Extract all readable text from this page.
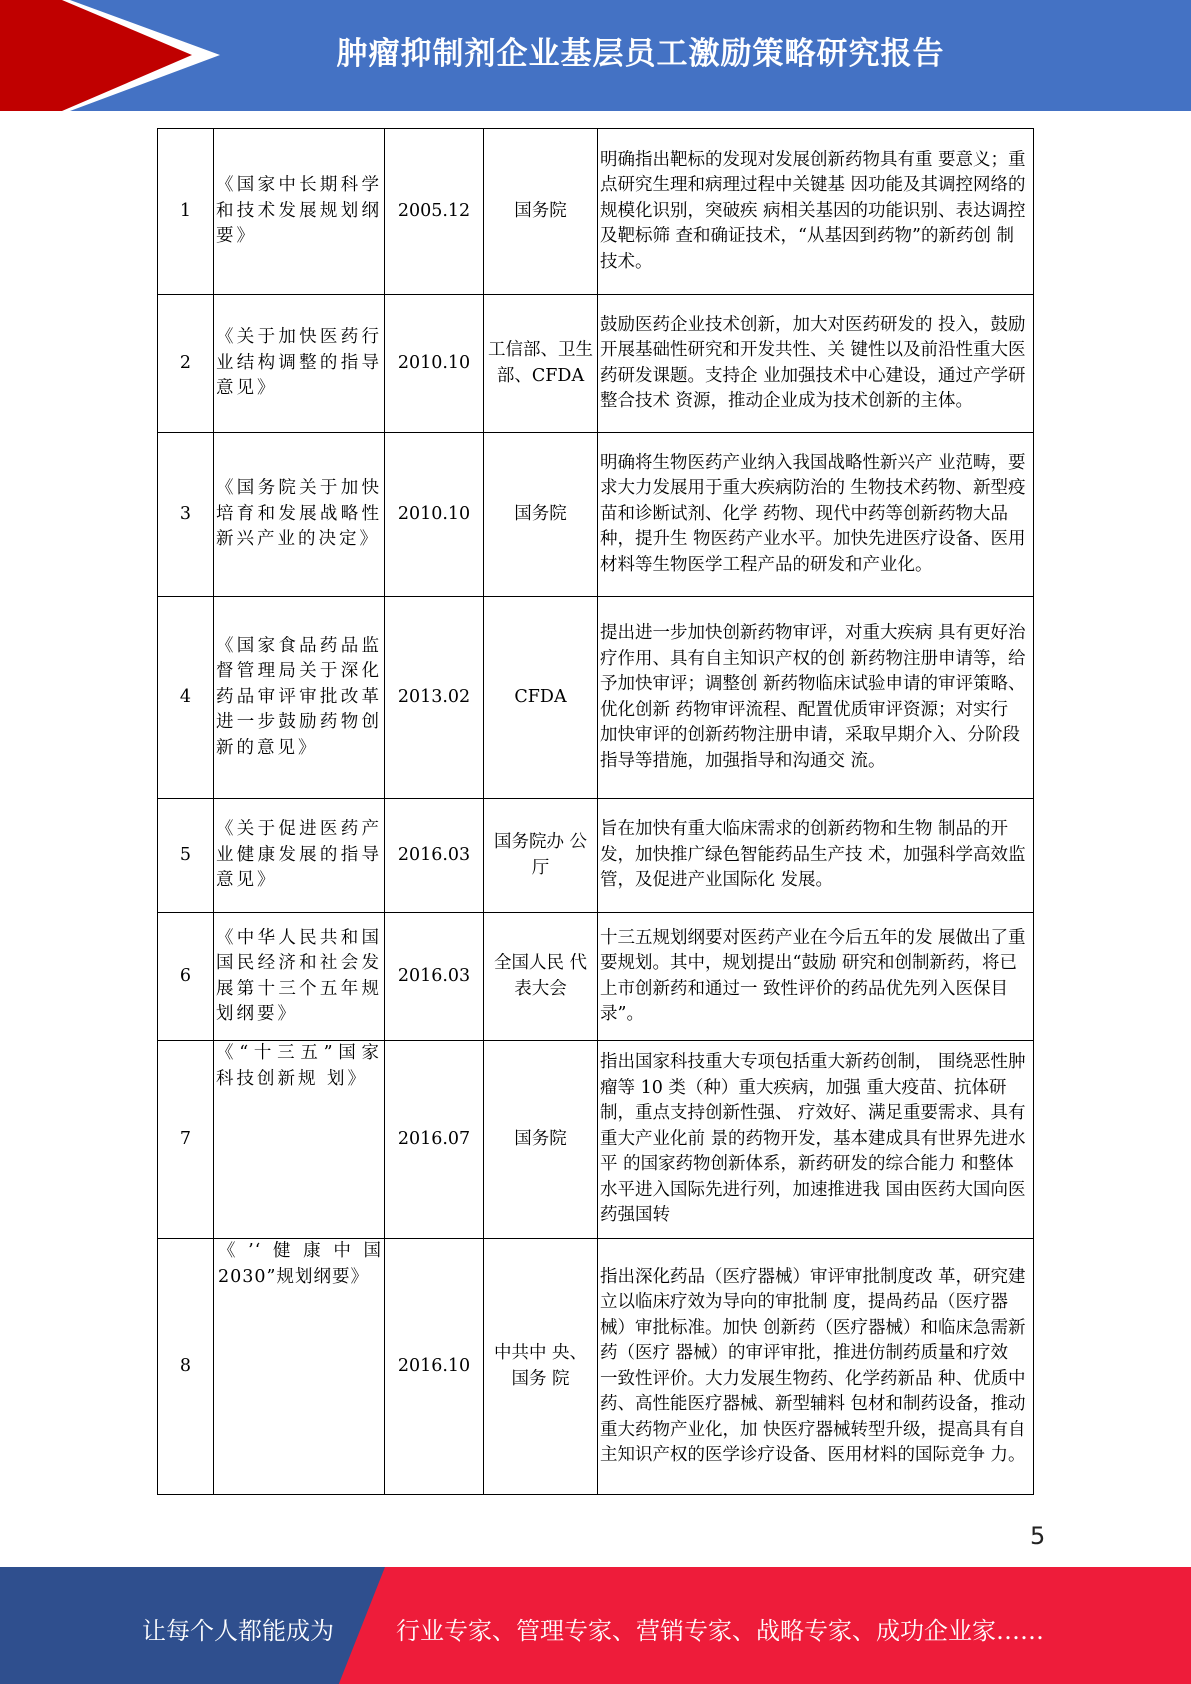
肿瘤抑制剂企业基层员工激励策略研究报告
1	《国家中长期科学和技术发展规划纲要》	2005.12	国务院	明确指出靶标的发现对发展创新药物具有重 要意义；重点研究生理和病理过程中关键基 因功能及其调控网络的规模化识别，突破疾 病相关基因的功能识别、表达调控及靶标筛 查和确证技术，“从基因到药物”的新药创 制技术。
2	《关于加快医药行业结构调整的指导意见》	2010.10	工信部、卫生部、CFDA	鼓励医药企业技术创新，加大对医药研发的 投入，鼓励开展基础性研究和开发共性、关 键性以及前沿性重大医药研发课题。支持企 业加强技术中心建设，通过产学研整合技术 资源，推动企业成为技术创新的主体。
3	《国务院关于加快培育和发展战略性新兴产业的决定》	2010.10	国务院	明确将生物医药产业纳入我国战略性新兴产 业范畴，要求大力发展用于重大疾病防治的 生物技术药物、新型疫苗和诊断试剂、化学 药物、现代中药等创新药物大品种，提升生 物医药产业水平。加快先进医疗设备、医用 材料等生物医学工程产品的研发和产业化。
4	《国家食品药品监督管理局关于深化药品审评审批改革进一步鼓励药物创新的意见》	2013.02	CFDA	提出进一步加快创新药物审评，对重大疾病 具有更好治疗作用、具有自主知识产权的创 新药物注册申请等，给予加快审评；调整创 新药物临床试验申请的审评策略、优化创新 药物审评流程、配置优质审评资源；对实行 加快审评的创新药物注册申请，采取早期介入、分阶段指导等措施，加强指导和沟通交 流。
5	《关于促进医药产业健康发展的指导意见》	2016.03	国务院办 公厅	旨在加快有重大临床需求的创新药物和生物 制品的开发，加快推广绿色智能药品生产技 术，加强科学高效监管，及促进产业国际化 发展。
6	《中华人民共和国国民经济和社会发展第十三个五年规划纲要》	2016.03	全国人民 代表大会	十三五规划纲要对医药产业在今后五年的发 展做出了重要规划。其中，规划提出“鼓励 研究和创制新药，将已上市创新药和通过一 致性评价的药品优先列入医保目录”。
7	《“十三五”国家科技创新规 划》	2016.07	国务院	指出国家科技重大专项包括重大新药创制， 围绕恶性肿瘤等 10 类（种）重大疾病，加强 重大疫苗、抗体研制，重点支持创新性强、 疗效好、满足重要需求、具有重大产业化前 景的药物开发，基本建成具有世界先进水平 的国家药物创新体系，新药研发的综合能力 和整体水平进入国际先进行列，加速推进我 国由医药大国向医药强国转
8	《’‘健康中国2030”规划纲要》	2016.10	中共中 央、国务 院	指出深化药品（医疗器械）审评审批制度改 革，研究建立以临床疗效为导向的审批制 度，提咼药品（医疗器械）审批标准。加快 创新药（医疗器械）和临床急需新药（医疗 器械）的审评审批，推进仿制药质量和疗效 一致性评价。大力发展生物药、化学药新品 种、优质中药、高性能医疗器械、新型辅料 包材和制药设备，推动重大药物产业化，加 快医疗器械转型升级，提高具有自主知识产权的医学诊疗设备、医用材料的国际竞争 力。
5
让每个人都能成为	行业专家、管理专家、营销专家、战略专家、成功企业家……
